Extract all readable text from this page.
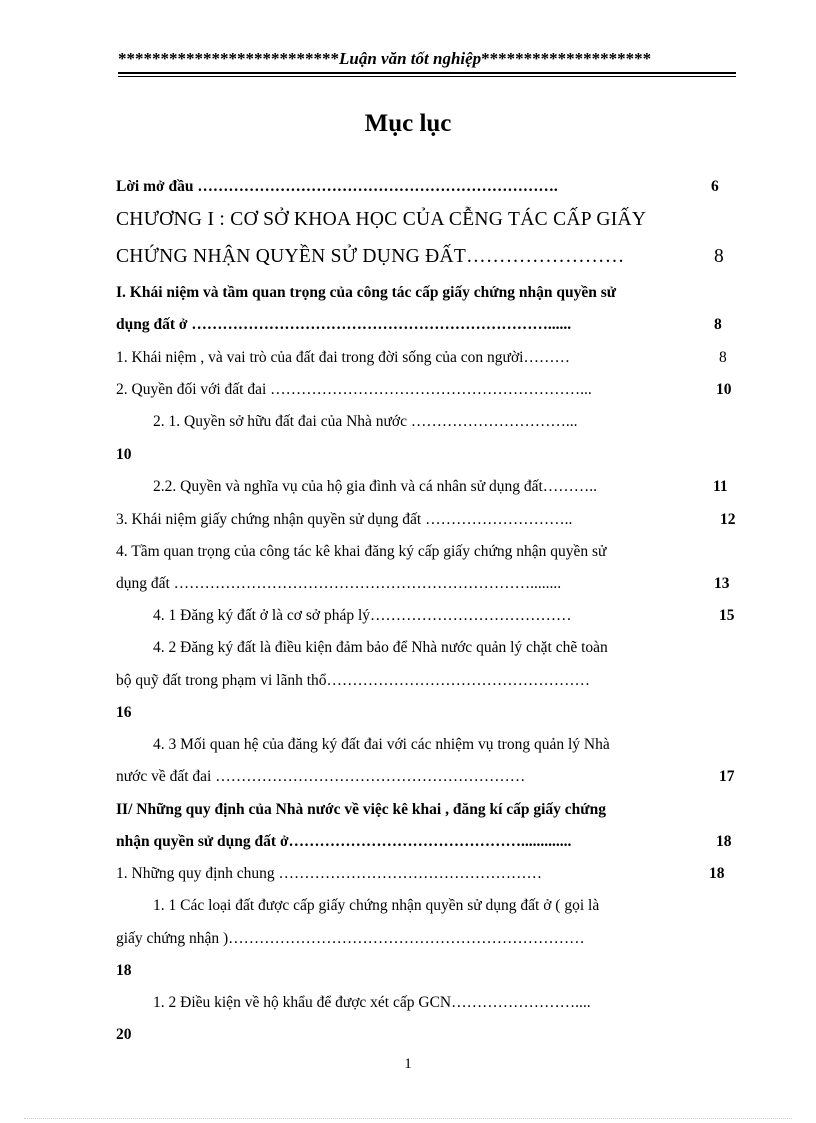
**************************Luận văn tốt nghiệp********************
Mục lục
Lời mở đầu …………………………………………………………….	6
CHƯƠNG I : CƠ SỞ KHOA HỌC CỦA CỄNG TÁC CẤP GIẤY
CHỨNG NHẬN QUYỀN SỬ DỤNG ĐẤT……………………	8
I. Khái niệm và tầm quan trọng của công tác cấp giấy chứng nhận quyền sử
dụng đất ở ……………………………………………………………......	8
1. Khái niệm , và vai trò của đất đai trong đời sống của con người………	8
2. Quyền đối với đất đai ……………………………………………………...	10
2. 1. Quyền sở hữu đất đai của Nhà nước …………………………...
10
2.2. Quyền và nghĩa vụ của hộ gia đình và cá nhân sử dụng đất………..	11
3. Khái niệm giấy chứng nhận quyền sử dụng đất ………………………..	12
4. Tầm quan trọng của công tác kê khai đăng ký cấp giấy chứng nhận quyền sử
dụng đất ……………………………………………………………........	13
4. 1 Đăng ký đất ở là cơ sở pháp lý…………………………………	15
4. 2 Đăng ký đất là điều kiện đảm bảo để Nhà nước quản lý chặt chẽ toàn
bộ quỹ đất trong phạm vi lãnh thổ……………………………………………
16
4. 3 Mối quan hệ của đăng ký đất đai với các nhiệm vụ trong quản lý Nhà
nước về đất đai ……………………………………………………	17
II/ Những quy định của Nhà nước về việc kê khai , đăng kí cấp giấy chứng
nhận quyền sử dụng đất ở……………………………………….............	18
1. Những quy định chung ……………………………………………	18
1. 1 Các loại đất được cấp giấy chứng nhận quyền sử dụng đất ở ( gọi là
giấy chứng nhận )……………………………………………………………
18
1. 2 Điều kiện về hộ khẩu để được xét cấp GCN……………………....
20
1
